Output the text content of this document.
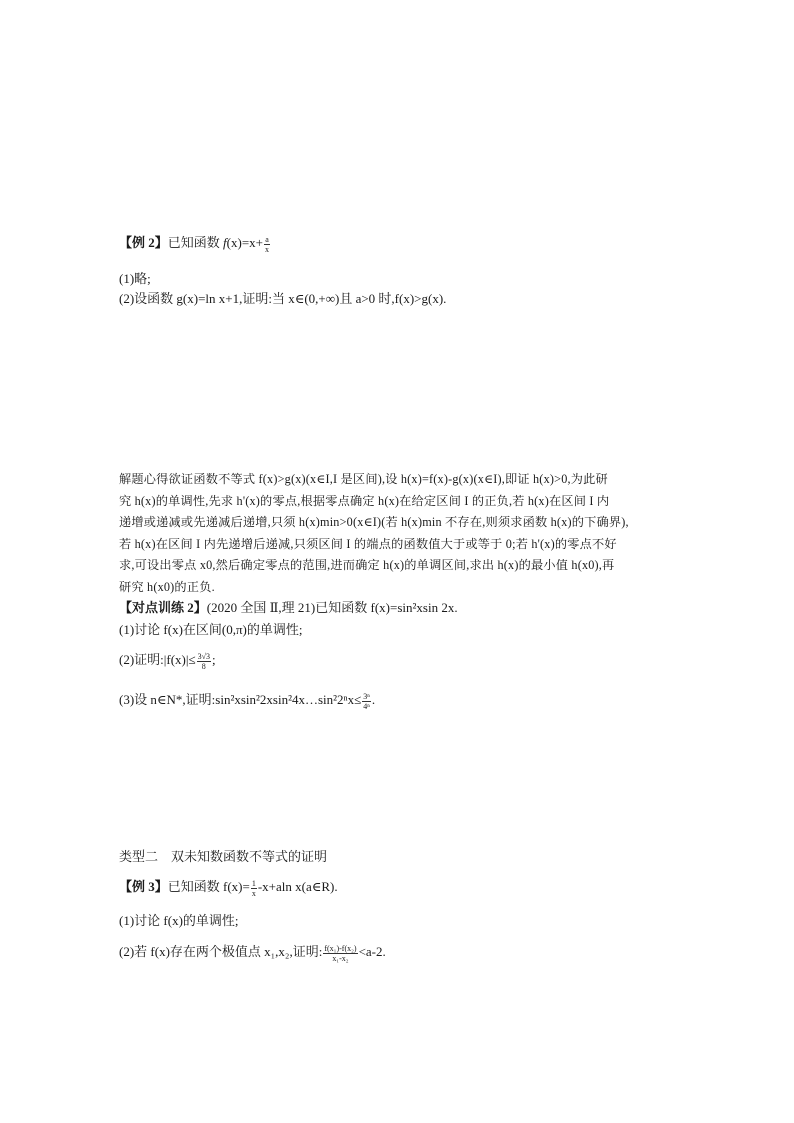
【例 2】已知函数 $f(x)=x+ \frac{a}{x}$
(1)略;
(2)设函数 g(x)=ln x+1,证明:当 x∈(0,+∞)且 a>0 时,f(x)>g(x).
解题心得欲证函数不等式 f(x)>g(x)(x∈I,I 是区间),设 h(x)=f(x)-g(x)(x∈I),即证 h(x)>0,为此研
究 h(x)的单调性,先求 h'(x)的零点,根据零点确定 h(x)在给定区间 I 的正负,若 h(x)在区间 I 内
递增或递减或先递减后递增,只须 h(x)min>0(x∈I)(若 h(x)min 不存在,则须求函数 h(x)的下确界),
若 h(x)在区间 I 内先递增后递减,只须区间 I 的端点的函数值大于或等于 0;若 h'(x)的零点不好
求,可设出零点 x0,然后确定零点的范围,进而确定 h(x)的单调区间,求出 h(x)的最小值 h(x0),再
研究 h(x0)的正负.
【对点训练 2】(2020 全国 Ⅱ,理 21)已知函数 f(x)=sin²xsin 2x.
(1)讨论 f(x)在区间(0,π)的单调性;
(2)证明:|f(x)|≤ $\frac{3√3}{8}$ ;
(3)设 n∈N*,证明:sin²xsin²2xsin²4x…sin²2ⁿx≤ $\frac{\text{3ⁿ}}{\text{4ⁿ}}$ .
类型二　双未知数函数不等式的证明
【例 3】已知函数 $f(x)= \frac{1}{x} -x+aln$ x(a∈R).
(1)讨论 f(x)的单调性;
(2)若 f(x)存在两个极值点 x₁,x₂,证明: $\frac{\text{f(x₁)-f(x₂)}}{\text{x₁-x₂}} <a-2$.
